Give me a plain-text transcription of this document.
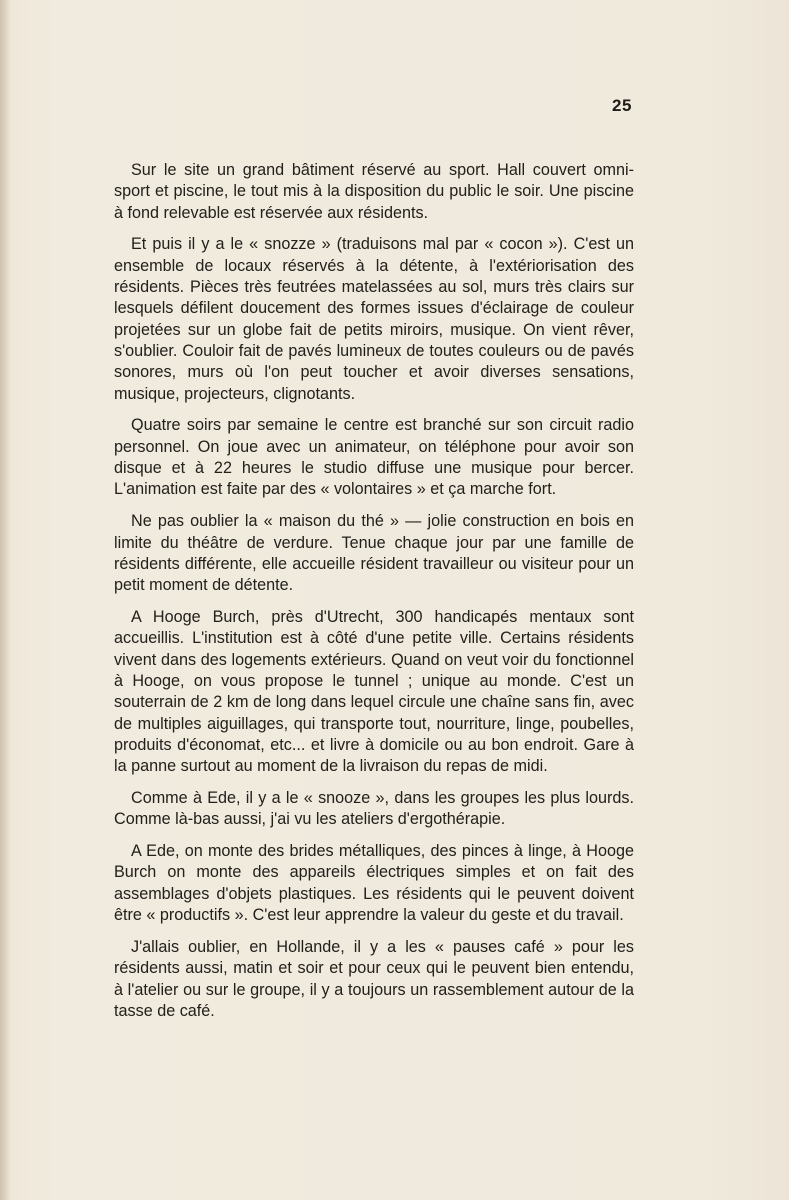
25

Sur le site un grand bâtiment réservé au sport. Hall couvert omni-sport et piscine, le tout mis à la disposition du public le soir. Une piscine à fond relevable est réservée aux résidents.

Et puis il y a le « snozze » (traduisons mal par « cocon »). C'est un ensemble de locaux réservés à la détente, à l'extériorisation des résidents. Pièces très feutrées matelassées au sol, murs très clairs sur lesquels défilent doucement des formes issues d'éclairage de couleur projetées sur un globe fait de petits miroirs, musique. On vient rêver, s'oublier. Couloir fait de pavés lumineux de toutes couleurs ou de pavés sonores, murs où l'on peut toucher et avoir diverses sensations, musique, projecteurs, clignotants.

Quatre soirs par semaine le centre est branché sur son circuit radio personnel. On joue avec un animateur, on téléphone pour avoir son disque et à 22 heures le studio diffuse une musique pour bercer. L'animation est faite par des « volontaires » et ça marche fort.

Ne pas oublier la « maison du thé » — jolie construction en bois en limite du théâtre de verdure. Tenue chaque jour par une famille de résidents différente, elle accueille résident travailleur ou visiteur pour un petit moment de détente.

A Hooge Burch, près d'Utrecht, 300 handicapés mentaux sont accueillis. L'institution est à côté d'une petite ville. Certains résidents vivent dans des logements extérieurs. Quand on veut voir du fonctionnel à Hooge, on vous propose le tunnel ; unique au monde. C'est un souterrain de 2 km de long dans lequel circule une chaîne sans fin, avec de multiples aiguillages, qui transporte tout, nourriture, linge, poubelles, produits d'économat, etc... et livre à domicile ou au bon endroit. Gare à la panne surtout au moment de la livraison du repas de midi.

Comme à Ede, il y a le « snooze », dans les groupes les plus lourds. Comme là-bas aussi, j'ai vu les ateliers d'ergothérapie.

A Ede, on monte des brides métalliques, des pinces à linge, à Hooge Burch on monte des appareils électriques simples et on fait des assemblages d'objets plastiques. Les résidents qui le peuvent doivent être « productifs ». C'est leur apprendre la valeur du geste et du travail.

J'allais oublier, en Hollande, il y a les « pauses café » pour les résidents aussi, matin et soir et pour ceux qui le peuvent bien entendu, à l'atelier ou sur le groupe, il y a toujours un rassemblement autour de la tasse de café.
